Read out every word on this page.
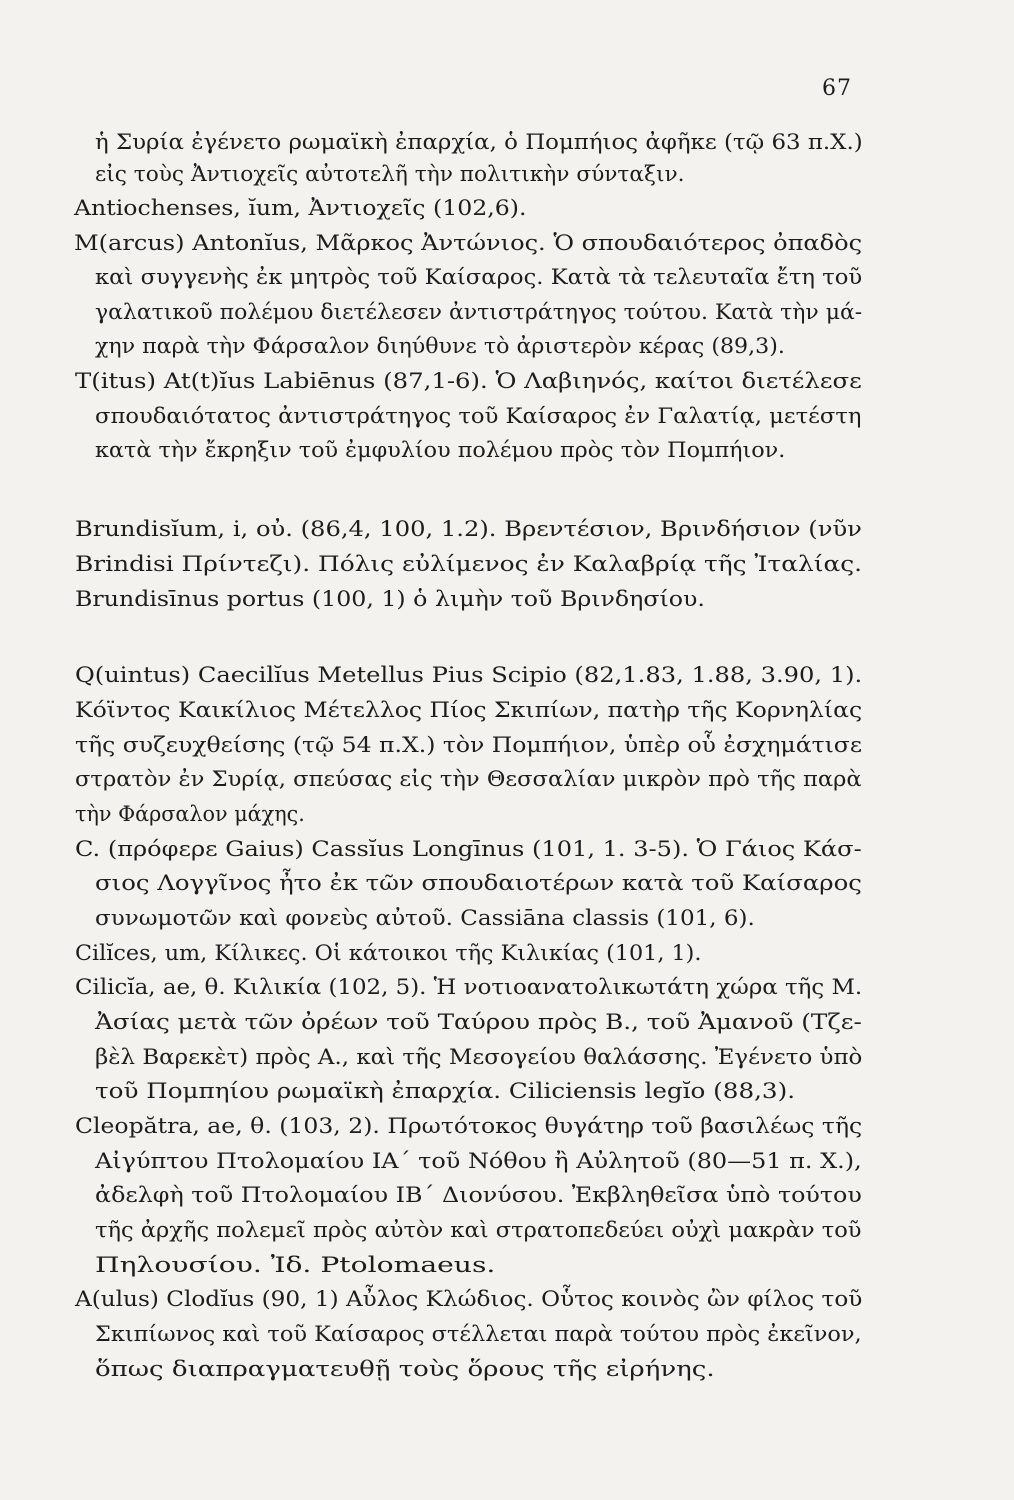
67
ἡ Συρία ἐγένετο ρωμαϊκὴ ἐπαρχία, ὁ Πομπήιος ἀφῆκε (τῷ 63 π.Χ.)
εἰς τοὺς Ἀντιοχεῖς αὐτοτελῆ τὴν πολιτικὴν σύνταξιν.
Antiochenses, ĭum, Ἀντιοχεῖς (102,6).
M(arcus) Antonĭus, Μᾶρκος Ἀντώνιος. Ὁ σπουδαιότερος ὀπαδὸς
καὶ συγγενὴς ἐκ μητρὸς τοῦ Καίσαρος. Κατὰ τὰ τελευταῖα ἔτη τοῦ
γαλατικοῦ πολέμου διετέλεσεν ἀντιστράτηγος τούτου. Κατὰ τὴν μά-
χην παρὰ τὴν Φάρσαλον διηύθυνε τὸ ἀριστερὸν κέρας (89,3).
T(itus) At(t)ĭus Labiēnus (87,1-6). Ὁ Λαβιηνός, καίτοι διετέλεσε
σπουδαιότατος ἀντιστράτηγος τοῦ Καίσαρος ἐν Γαλατίᾳ, μετέστη
κατὰ τὴν ἔκρηξιν τοῦ ἐμφυλίου πολέμου πρὸς τὸν Πομπήιον.
Brundisĭum, i, οὐ. (86,4, 100, 1.2). Βρεντέσιον, Βρινδήσιον (νῦν
Brindisi Πρίντεζι). Πόλις εὐλίμενος ἐν Καλαβρίᾳ τῆς Ἰταλίας.
Brundisīnus portus (100, 1) ὁ λιμὴν τοῦ Βρινδησίου.
Q(uintus) Caecilĭus Metellus Pius Scipio (82,1.83, 1.88, 3.90, 1).
Κόϊντος Καικίλιος Μέτελλος Πίος Σκιπίων, πατὴρ τῆς Κορνηλίας
τῆς συζευχθείσης (τῷ 54 π.Χ.) τὸν Πομπήιον, ὑπὲρ οὗ ἐσχημάτισε
στρατὸν ἐν Συρίᾳ, σπεύσας εἰς τὴν Θεσσαλίαν μικρὸν πρὸ τῆς παρὰ
τὴν Φάρσαλον μάχης.
C. (πρόφερε Gaius) Cassĭus Longīnus (101, 1. 3-5). Ὁ Γάιος Κάσ-
σιος Λογγῖνος ἦτο ἐκ τῶν σπουδαιοτέρων κατὰ τοῦ Καίσαρος
συνωμοτῶν καὶ φονεὺς αὐτοῦ. Cassiāna classis (101, 6).
Cilĭces, um, Κίλικες. Οἱ κάτοικοι τῆς Κιλικίας (101, 1).
Cilicĭa, ae, θ. Κιλικία (102, 5). Ἡ νοτιοανατολικωτάτη χώρα τῆς Μ.
Ἀσίας μετὰ τῶν ὀρέων τοῦ Ταύρου πρὸς Β., τοῦ Ἀμανοῦ (Τζε-
βὲλ Βαρεκὲτ) πρὸς Α., καὶ τῆς Μεσογείου θαλάσσης. Ἐγένετο ὑπὸ
τοῦ Πομπηίου ρωμαϊκὴ ἐπαρχία. Ciliciensis legĭo (88,3).
Cleopătra, ae, θ. (103, 2). Πρωτότοκος θυγάτηρ τοῦ βασιλέως τῆς
Αἰγύπτου Πτολομαίου ΙΑ΄ τοῦ Νόθου ἢ Αὐλητοῦ (80—51 π. Χ.),
ἀδελφὴ τοῦ Πτολομαίου ΙΒ΄ Διονύσου. Ἐκβληθεῖσα ὑπὸ τούτου
τῆς ἀρχῆς πολεμεῖ πρὸς αὐτὸν καὶ στρατοπεδεύει οὐχὶ μακρὰν τοῦ
Πηλουσίου. Ἰδ. Ptolomaeus.
A(ulus) Clodĭus (90, 1) Αὖλος Κλώδιος. Οὗτος κοινὸς ὢν φίλος τοῦ
Σκιπίωνος καὶ τοῦ Καίσαρος στέλλεται παρὰ τούτου πρὸς ἐκεῖνον,
ὅπως διαπραγματευθῇ τοὺς ὅρους τῆς εἰρήνης.
